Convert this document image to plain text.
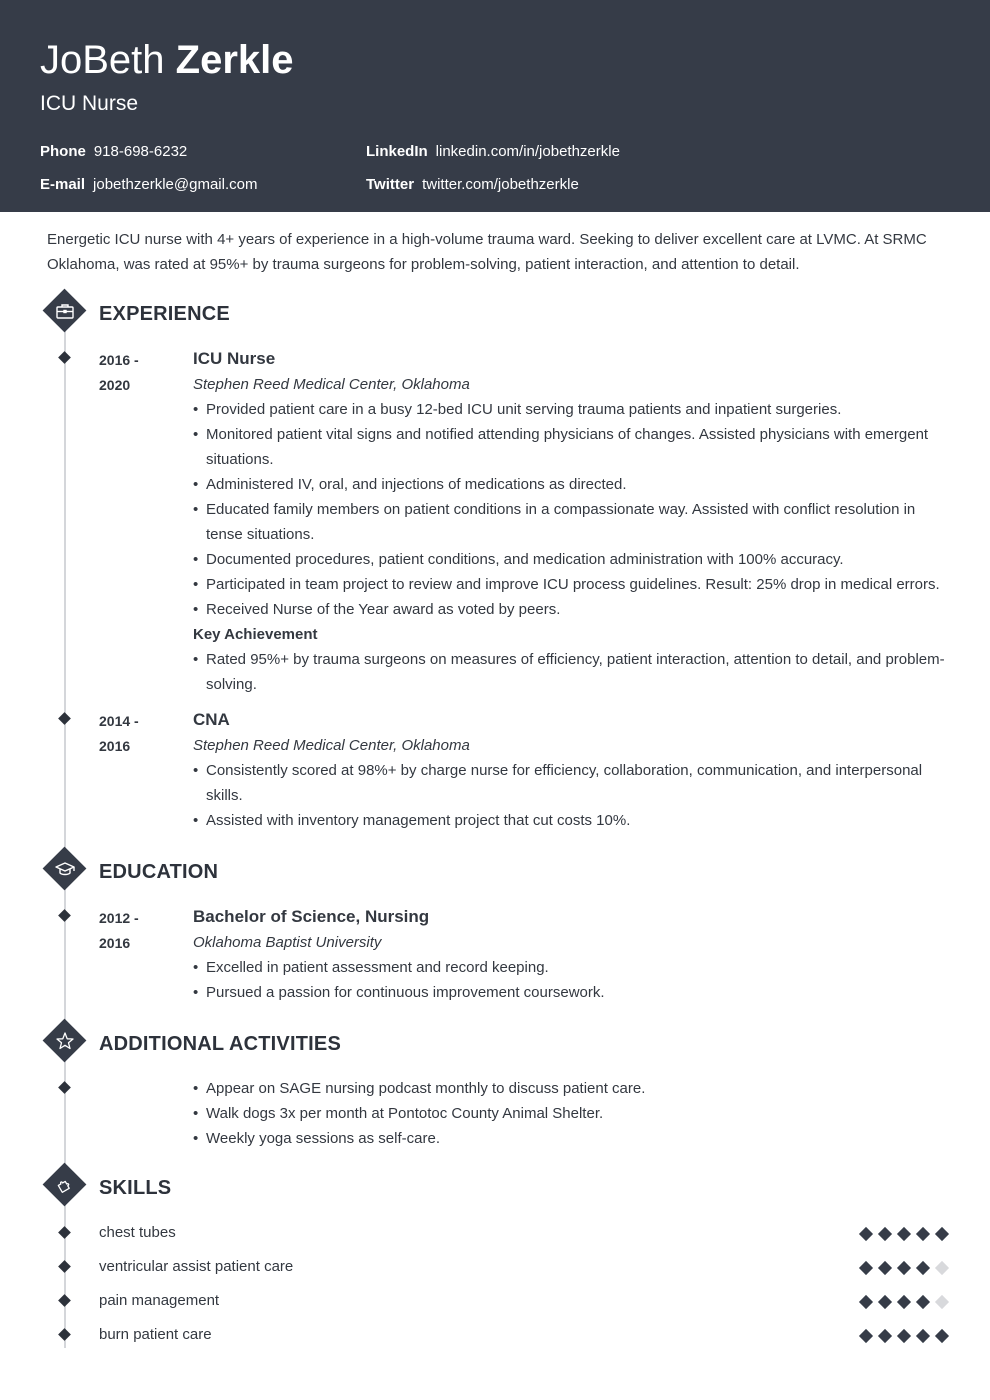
JoBeth Zerkle
ICU Nurse
Phone 918-698-6232	LinkedIn linkedin.com/in/jobethzerkle
E-mail jobethzerkle@gmail.com	Twitter twitter.com/jobethzerkle
Energetic ICU nurse with 4+ years of experience in a high-volume trauma ward. Seeking to deliver excellent care at LVMC. At SRMC Oklahoma, was rated at 95%+ by trauma surgeons for problem-solving, patient interaction, and attention to detail.
EXPERIENCE
2016 -
2020
ICU Nurse
Stephen Reed Medical Center, Oklahoma
• Provided patient care in a busy 12-bed ICU unit serving trauma patients and inpatient surgeries.
• Monitored patient vital signs and notified attending physicians of changes. Assisted physicians with emergent situations.
• Administered IV, oral, and injections of medications as directed.
• Educated family members on patient conditions in a compassionate way. Assisted with conflict resolution in tense situations.
• Documented procedures, patient conditions, and medication administration with 100% accuracy.
• Participated in team project to review and improve ICU process guidelines. Result: 25% drop in medical errors.
• Received Nurse of the Year award as voted by peers.
Key Achievement
• Rated 95%+ by trauma surgeons on measures of efficiency, patient interaction, attention to detail, and problem-solving.
2014 -
2016
CNA
Stephen Reed Medical Center, Oklahoma
• Consistently scored at 98%+ by charge nurse for efficiency, collaboration, communication, and interpersonal skills.
• Assisted with inventory management project that cut costs 10%.
EDUCATION
2012 -
2016
Bachelor of Science, Nursing
Oklahoma Baptist University
• Excelled in patient assessment and record keeping.
• Pursued a passion for continuous improvement coursework.
ADDITIONAL ACTIVITIES
• Appear on SAGE nursing podcast monthly to discuss patient care.
• Walk dogs 3x per month at Pontotoc County Animal Shelter.
• Weekly yoga sessions as self-care.
SKILLS
chest tubes
ventricular assist patient care
pain management
burn patient care
